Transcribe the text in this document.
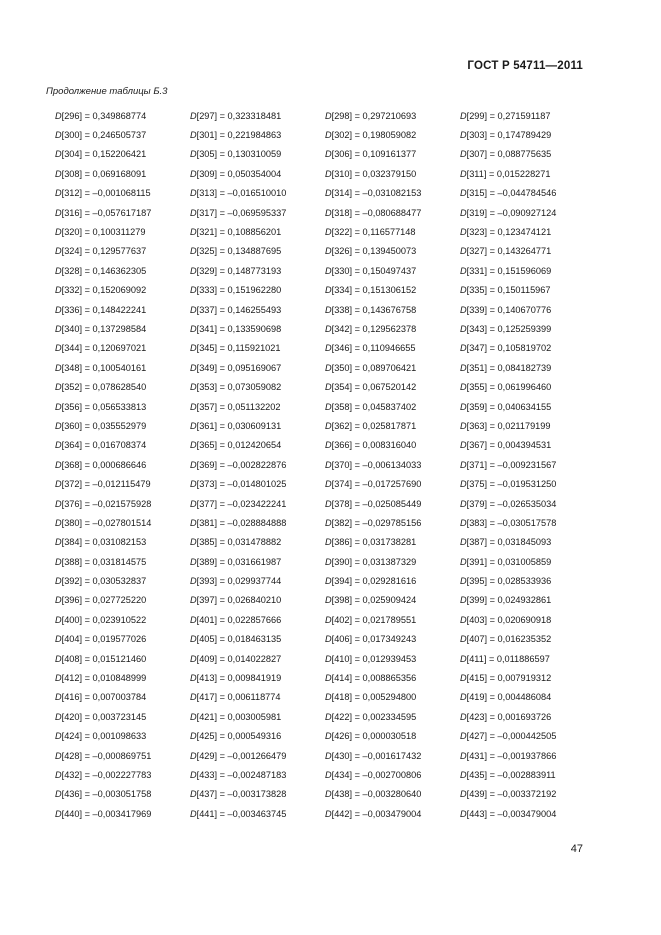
ГОСТ Р 54711—2011
Продолжение таблицы Б.3
D[296] = 0,349868774	D[297] = 0,323318481	D[298] = 0,297210693	D[299] = 0,271591187
D[300] = 0,246505737	D[301] = 0,221984863	D[302] = 0,198059082	D[303] = 0,174789429
D[304] = 0,152206421	D[305] = 0,130310059	D[306] = 0,109161377	D[307] = 0,088775635
D[308] = 0,069168091	D[309] = 0,050354004	D[310] = 0,032379150	D[311] = 0,015228271
D[312] = –0,001068115	D[313] = –0,016510010	D[314] = –0,031082153	D[315] = –0,044784546
D[316] = –0,057617187	D[317] = –0,069595337	D[318] = –0,080688477	D[319] = –0,090927124
D[320] = 0,100311279	D[321] = 0,108856201	D[322] = 0,116577148	D[323] = 0,123474121
D[324] = 0,129577637	D[325] = 0,134887695	D[326] = 0,139450073	D[327] = 0,143264771
D[328] = 0,146362305	D[329] = 0,148773193	D[330] = 0,150497437	D[331] = 0,151596069
D[332] = 0,152069092	D[333] = 0,151962280	D[334] = 0,151306152	D[335] = 0,150115967
D[336] = 0,148422241	D[337] = 0,146255493	D[338] = 0,143676758	D[339] = 0,140670776
D[340] = 0,137298584	D[341] = 0,133590698	D[342] = 0,129562378	D[343] = 0,125259399
D[344] = 0,120697021	D[345] = 0,115921021	D[346] = 0,110946655	D[347] = 0,105819702
D[348] = 0,100540161	D[349] = 0,095169067	D[350] = 0,089706421	D[351] = 0,084182739
D[352] = 0,078628540	D[353] = 0,073059082	D[354] = 0,067520142	D[355] = 0,061996460
D[356] = 0,056533813	D[357] = 0,051132202	D[358] = 0,045837402	D[359] = 0,040634155
D[360] = 0,035552979	D[361] = 0,030609131	D[362] = 0,025817871	D[363] = 0,021179199
D[364] = 0,016708374	D[365] = 0,012420654	D[366] = 0,008316040	D[367] = 0,004394531
D[368] = 0,000686646	D[369] = –0,002822876	D[370] = –0,006134033	D[371] = –0,009231567
D[372] = –0,012115479	D[373] = –0,014801025	D[374] = –0,017257690	D[375] = –0,019531250
D[376] = –0,021575928	D[377] = –0,023422241	D[378] = –0,025085449	D[379] = –0,026535034
D[380] = –0,027801514	D[381] = –0,028884888	D[382] = –0,029785156	D[383] = –0,030517578
D[384] = 0,031082153	D[385] = 0,031478882	D[386] = 0,031738281	D[387] = 0,031845093
D[388] = 0,031814575	D[389] = 0,031661987	D[390] = 0,031387329	D[391] = 0,031005859
D[392] = 0,030532837	D[393] = 0,029937744	D[394] = 0,029281616	D[395] = 0,028533936
D[396] = 0,027725220	D[397] = 0,026840210	D[398] = 0,025909424	D[399] = 0,024932861
D[400] = 0,023910522	D[401] = 0,022857666	D[402] = 0,021789551	D[403] = 0,020690918
D[404] = 0,019577026	D[405] = 0,018463135	D[406] = 0,017349243	D[407] = 0,016235352
D[408] = 0,015121460	D[409] = 0,014022827	D[410] = 0,012939453	D[411] = 0,011886597
D[412] = 0,010848999	D[413] = 0,009841919	D[414] = 0,008865356	D[415] = 0,007919312
D[416] = 0,007003784	D[417] = 0,006118774	D[418] = 0,005294800	D[419] = 0,004486084
D[420] = 0,003723145	D[421] = 0,003005981	D[422] = 0,002334595	D[423] = 0,001693726
D[424] = 0,001098633	D[425] = 0,000549316	D[426] = 0,000030518	D[427] = –0,000442505
D[428] = –0,000869751	D[429] = –0,001266479	D[430] = –0,001617432	D[431] = –0,001937866
D[432] = –0,002227783	D[433] = –0,002487183	D[434] = –0,002700806	D[435] = –0,002883911
D[436] = –0,003051758	D[437] = –0,003173828	D[438] = –0,003280640	D[439] = –0,003372192
D[440] = –0,003417969	D[441] = –0,003463745	D[442] = –0,003479004	D[443] = –0,003479004
47
